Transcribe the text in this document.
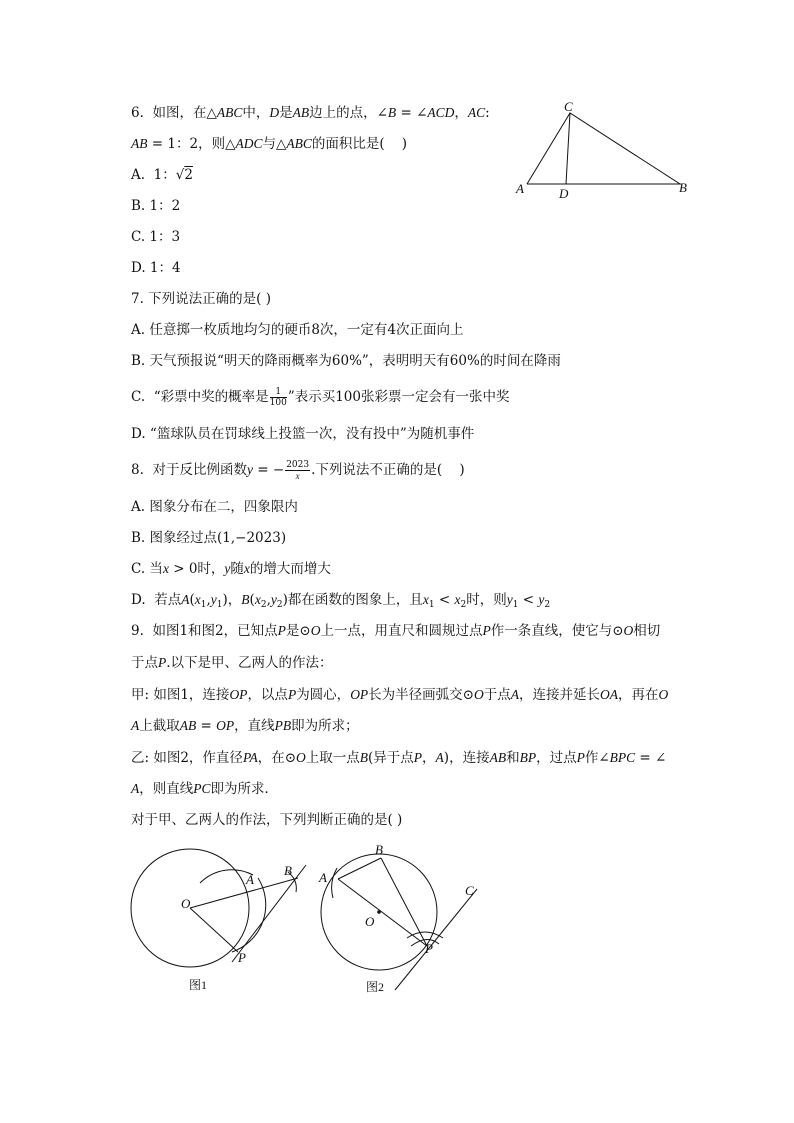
6.  如图，在△ABC中，D是AB边上的点，∠B = ∠ACD，AC:
AB = 1：2，则△ADC与△ABC的面积比是(    )
A.  1：√2
B. 1：2
C. 1：3
D. 1：4
C
A	D	B
7. 下列说法正确的是( )
A. 任意掷一枚质地均匀的硬币8次，一定有4次正面向上
B. 天气预报说“明天的降雨概率为60%”，表明明天有60%的时间在降雨
C.  “彩票中奖的概率是 $\frac{1}{100}$ ”表示买100张彩票一定会有一张中奖
D. “篮球队员在罚球线上投篮一次，没有投中”为随机事件
8.  对于反比例函数y = − $\frac{2023}{x}$ .下列说法不正确的是(    )
A. 图象分布在二，四象限内
B. 图象经过点(1,−2023)
C. 当x > 0时，y随x的增大而增大
D.  若点$A(x_1,y_1)$，$B(x_2,y_2)$都在函数的图象上，且$x_1 < x_2$时，则$y_1 < y_2$
9.  如图1和图2，已知点P是⊙O上一点，用直尺和圆规过点P作一条直线，使它与⊙O相切
于点P.以下是甲、乙两人的作法：
甲: 如图1，连接OP，以点P为圆心，OP长为半径画弧交⊙O于点A，连接并延长OA，再在O
A上截取AB = OP，直线PB即为所求；
乙: 如图2，作直径PA，在⊙O上取一点B(异于点P，A)，连接AB和BP，过点P作∠BPC = ∠
A，则直线PC即为所求．
对于甲、乙两人的作法，下列判断正确的是( )
O
A
B
P
图1
B
A
O
P
C
图2
